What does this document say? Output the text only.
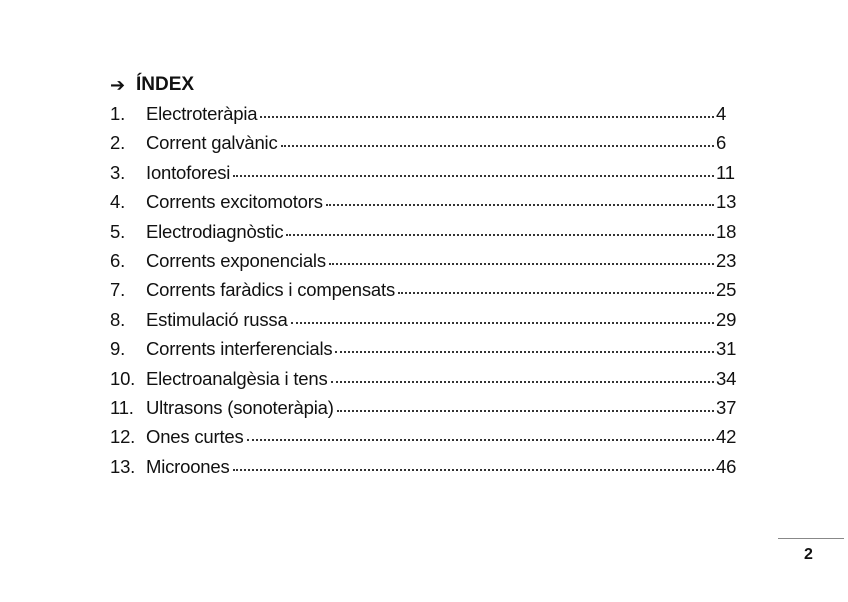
➔ ÍNDEX
1.	Electroteràpia	4
2.	Corrent galvànic	6
3.	Iontoforesi	11
4.	Corrents excitomotors	13
5.	Electrodiagnòstic	18
6.	Corrents exponencials	23
7.	Corrents faràdics i compensats	25
8.	Estimulació russa	29
9.	Corrents interferencials	31
10. Electroanalgèsia i tens	34
11. Ultrasons (sonoteràpia)	37
12. Ones curtes	42
13. Microones	46
2
